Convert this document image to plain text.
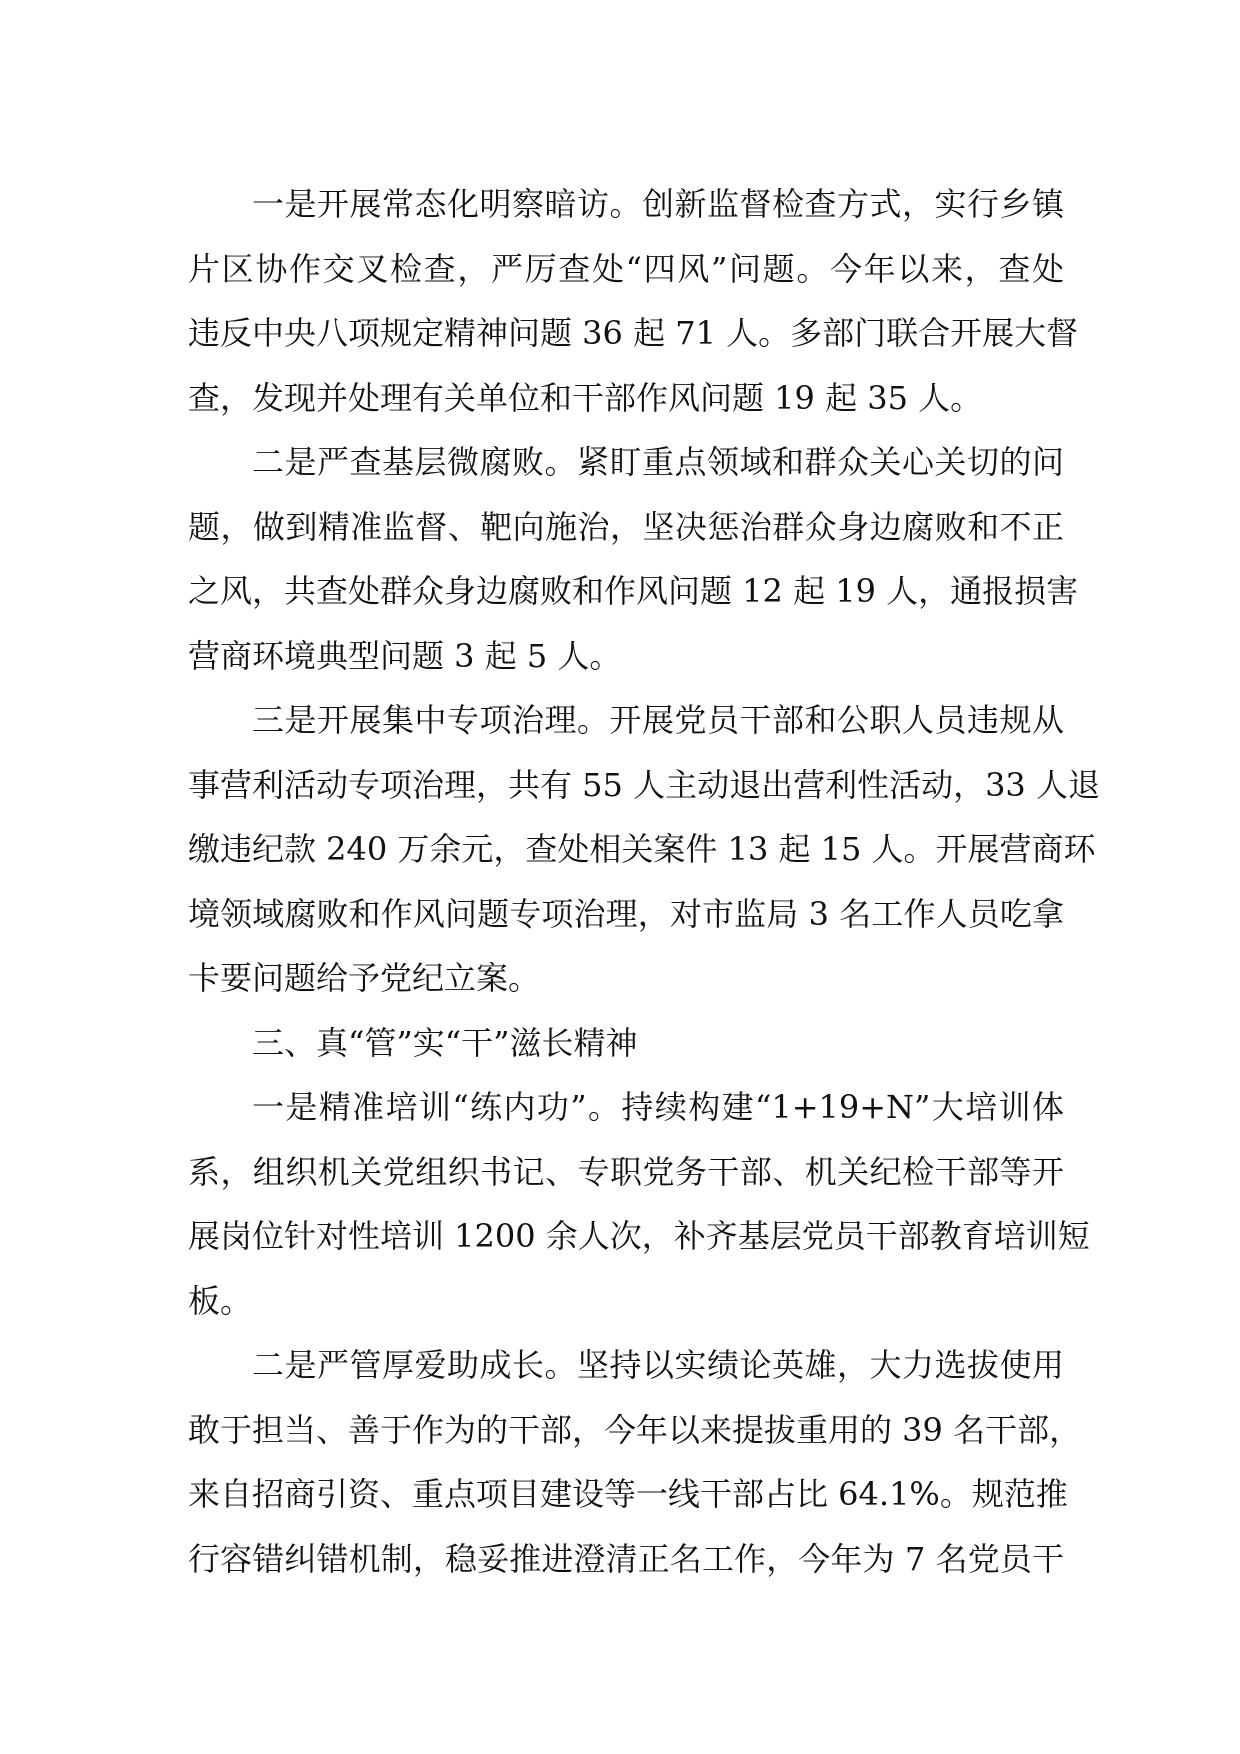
一是开展常态化明察暗访。创新监督检查方式，实行乡镇
片区协作交叉检查，严厉查处“四风”问题。今年以来，查处
违反中央八项规定精神问题 36 起 71 人。多部门联合开展大督
查，发现并处理有关单位和干部作风问题 19 起 35 人。
二是严查基层微腐败。紧盯重点领域和群众关心关切的问
题，做到精准监督、靶向施治，坚决惩治群众身边腐败和不正
之风，共查处群众身边腐败和作风问题 12 起 19 人，通报损害
营商环境典型问题 3 起 5 人。
三是开展集中专项治理。开展党员干部和公职人员违规从
事营利活动专项治理，共有 55 人主动退出营利性活动，33 人退
缴违纪款 240 万余元，查处相关案件 13 起 15 人。开展营商环
境领域腐败和作风问题专项治理，对市监局 3 名工作人员吃拿
卡要问题给予党纪立案。
三、真“管”实“干”滋长精神
一是精准培训“练内功”。持续构建“1+19+N”大培训体
系，组织机关党组织书记、专职党务干部、机关纪检干部等开
展岗位针对性培训 1200 余人次，补齐基层党员干部教育培训短
板。
二是严管厚爱助成长。坚持以实绩论英雄，大力选拔使用
敢于担当、善于作为的干部，今年以来提拔重用的 39 名干部，
来自招商引资、重点项目建设等一线干部占比 64.1%。规范推
行容错纠错机制，稳妥推进澄清正名工作，今年为 7 名党员干
